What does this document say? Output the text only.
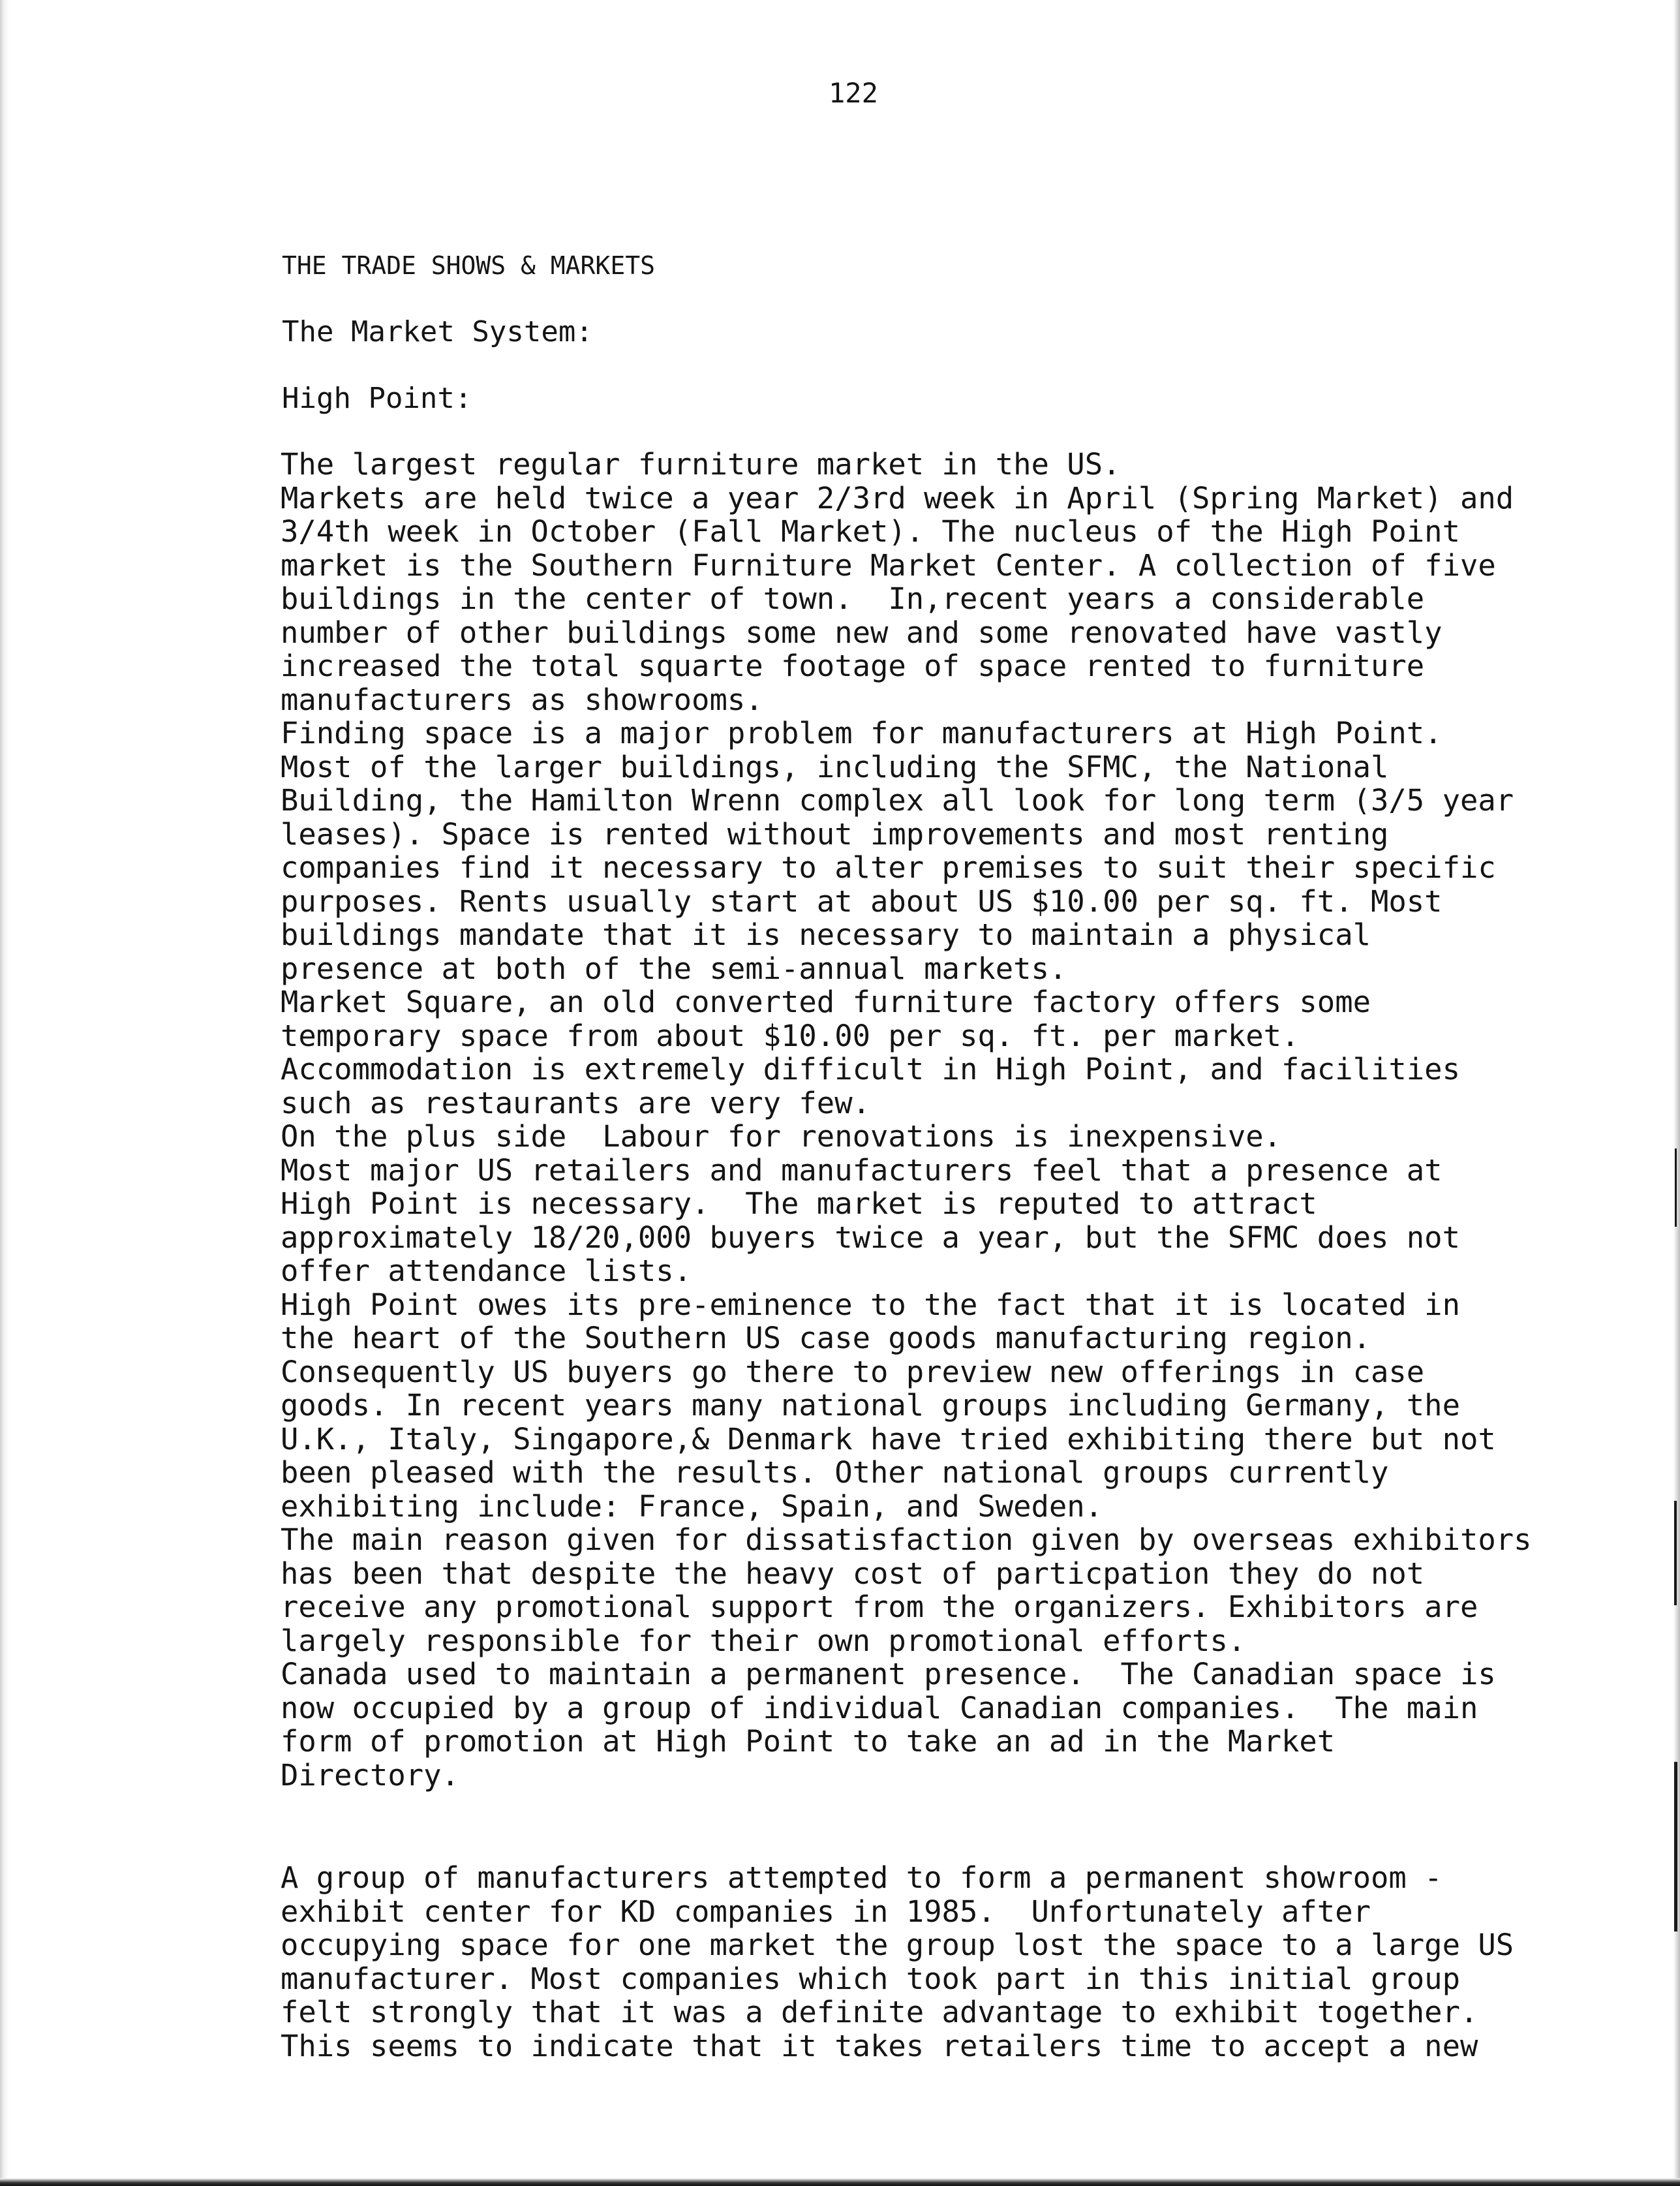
122
THE TRADE SHOWS & MARKETS
The Market System:
High Point:
The largest regular furniture market in the US.
Markets are held twice a year 2/3rd week in April (Spring Market) and
3/4th week in October (Fall Market). The nucleus of the High Point
market is the Southern Furniture Market Center. A collection of five
buildings in the center of town.  In,recent years a considerable
number of other buildings some new and some renovated have vastly
increased the total squarte footage of space rented to furniture
manufacturers as showrooms.
Finding space is a major problem for manufacturers at High Point.
Most of the larger buildings, including the SFMC, the National
Building, the Hamilton Wrenn complex all look for long term (3/5 year
leases). Space is rented without improvements and most renting
companies find it necessary to alter premises to suit their specific
purposes. Rents usually start at about US $10.00 per sq. ft. Most
buildings mandate that it is necessary to maintain a physical
presence at both of the semi-annual markets.
Market Square, an old converted furniture factory offers some
temporary space from about $10.00 per sq. ft. per market.
Accommodation is extremely difficult in High Point, and facilities
such as restaurants are very few.
On the plus side  Labour for renovations is inexpensive.
Most major US retailers and manufacturers feel that a presence at
High Point is necessary.  The market is reputed to attract
approximately 18/20,000 buyers twice a year, but the SFMC does not
offer attendance lists.
High Point owes its pre-eminence to the fact that it is located in
the heart of the Southern US case goods manufacturing region.
Consequently US buyers go there to preview new offerings in case
goods. In recent years many national groups including Germany, the
U.K., Italy, Singapore,& Denmark have tried exhibiting there but not
been pleased with the results. Other national groups currently
exhibiting include: France, Spain, and Sweden.
The main reason given for dissatisfaction given by overseas exhibitors
has been that despite the heavy cost of particpation they do not
receive any promotional support from the organizers. Exhibitors are
largely responsible for their own promotional efforts.
Canada used to maintain a permanent presence.  The Canadian space is
now occupied by a group of individual Canadian companies.  The main
form of promotion at High Point to take an ad in the Market
Directory.
A group of manufacturers attempted to form a permanent showroom -
exhibit center for KD companies in 1985.  Unfortunately after
occupying space for one market the group lost the space to a large US
manufacturer. Most companies which took part in this initial group
felt strongly that it was a definite advantage to exhibit together.
This seems to indicate that it takes retailers time to accept a new
